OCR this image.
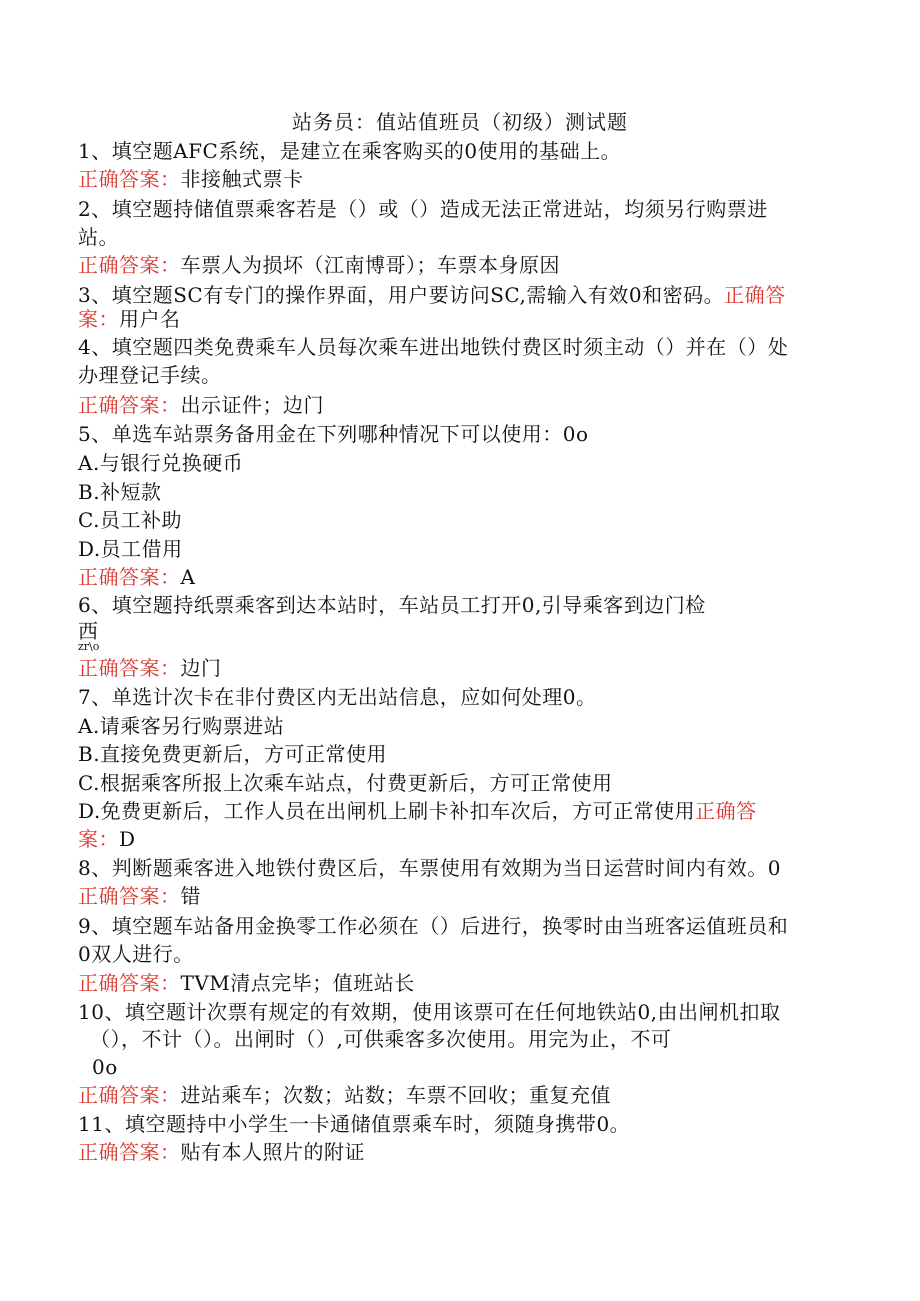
站务员：值站值班员（初级）测试题
1、填空题AFC系统，是建立在乘客购买的0使用的基础上。
正确答案：非接触式票卡
2、填空题持储值票乘客若是（）或（）造成无法正常进站，均须另行购票进
站。
正确答案：车票人为损坏（江南博哥）；车票本身原因
3、填空题SC有专门的操作界面，用户要访问SC,需输入有效0和密码。正确答
案：用户名
4、填空题四类免费乘车人员每次乘车进出地铁付费区时须主动（）并在（）处
办理登记手续。
正确答案：出示证件；边门
5、单选车站票务备用金在下列哪种情况下可以使用：0o
A.与银行兑换硬币
B.补短款
C.员工补助
D.员工借用
正确答案：A
6、填空题持纸票乘客到达本站时，车站员工打开0,引导乘客到边门检
西
zr\o
正确答案：边门
7、单选计次卡在非付费区内无出站信息，应如何处理0。
A.请乘客另行购票进站
B.直接免费更新后，方可正常使用
C.根据乘客所报上次乘车站点，付费更新后，方可正常使用
D.免费更新后，工作人员在出闸机上刷卡补扣车次后，方可正常使用正确答
案：D
8、判断题乘客进入地铁付费区后，车票使用有效期为当日运营时间内有效。0
正确答案：错
9、填空题车站备用金换零工作必须在（）后进行，换零时由当班客运值班员和
0双人进行。
正确答案：TVM清点完毕；值班站长
10、填空题计次票有规定的有效期，使用该票可在任何地铁站0,由出闸机扣取
（），不计（）。出闸时（）,可供乘客多次使用。用完为止，不可
0o
正确答案：进站乘车；次数；站数；车票不回收；重复充值
11、填空题持中小学生一卡通储值票乘车时，须随身携带0。
正确答案：贴有本人照片的附证
